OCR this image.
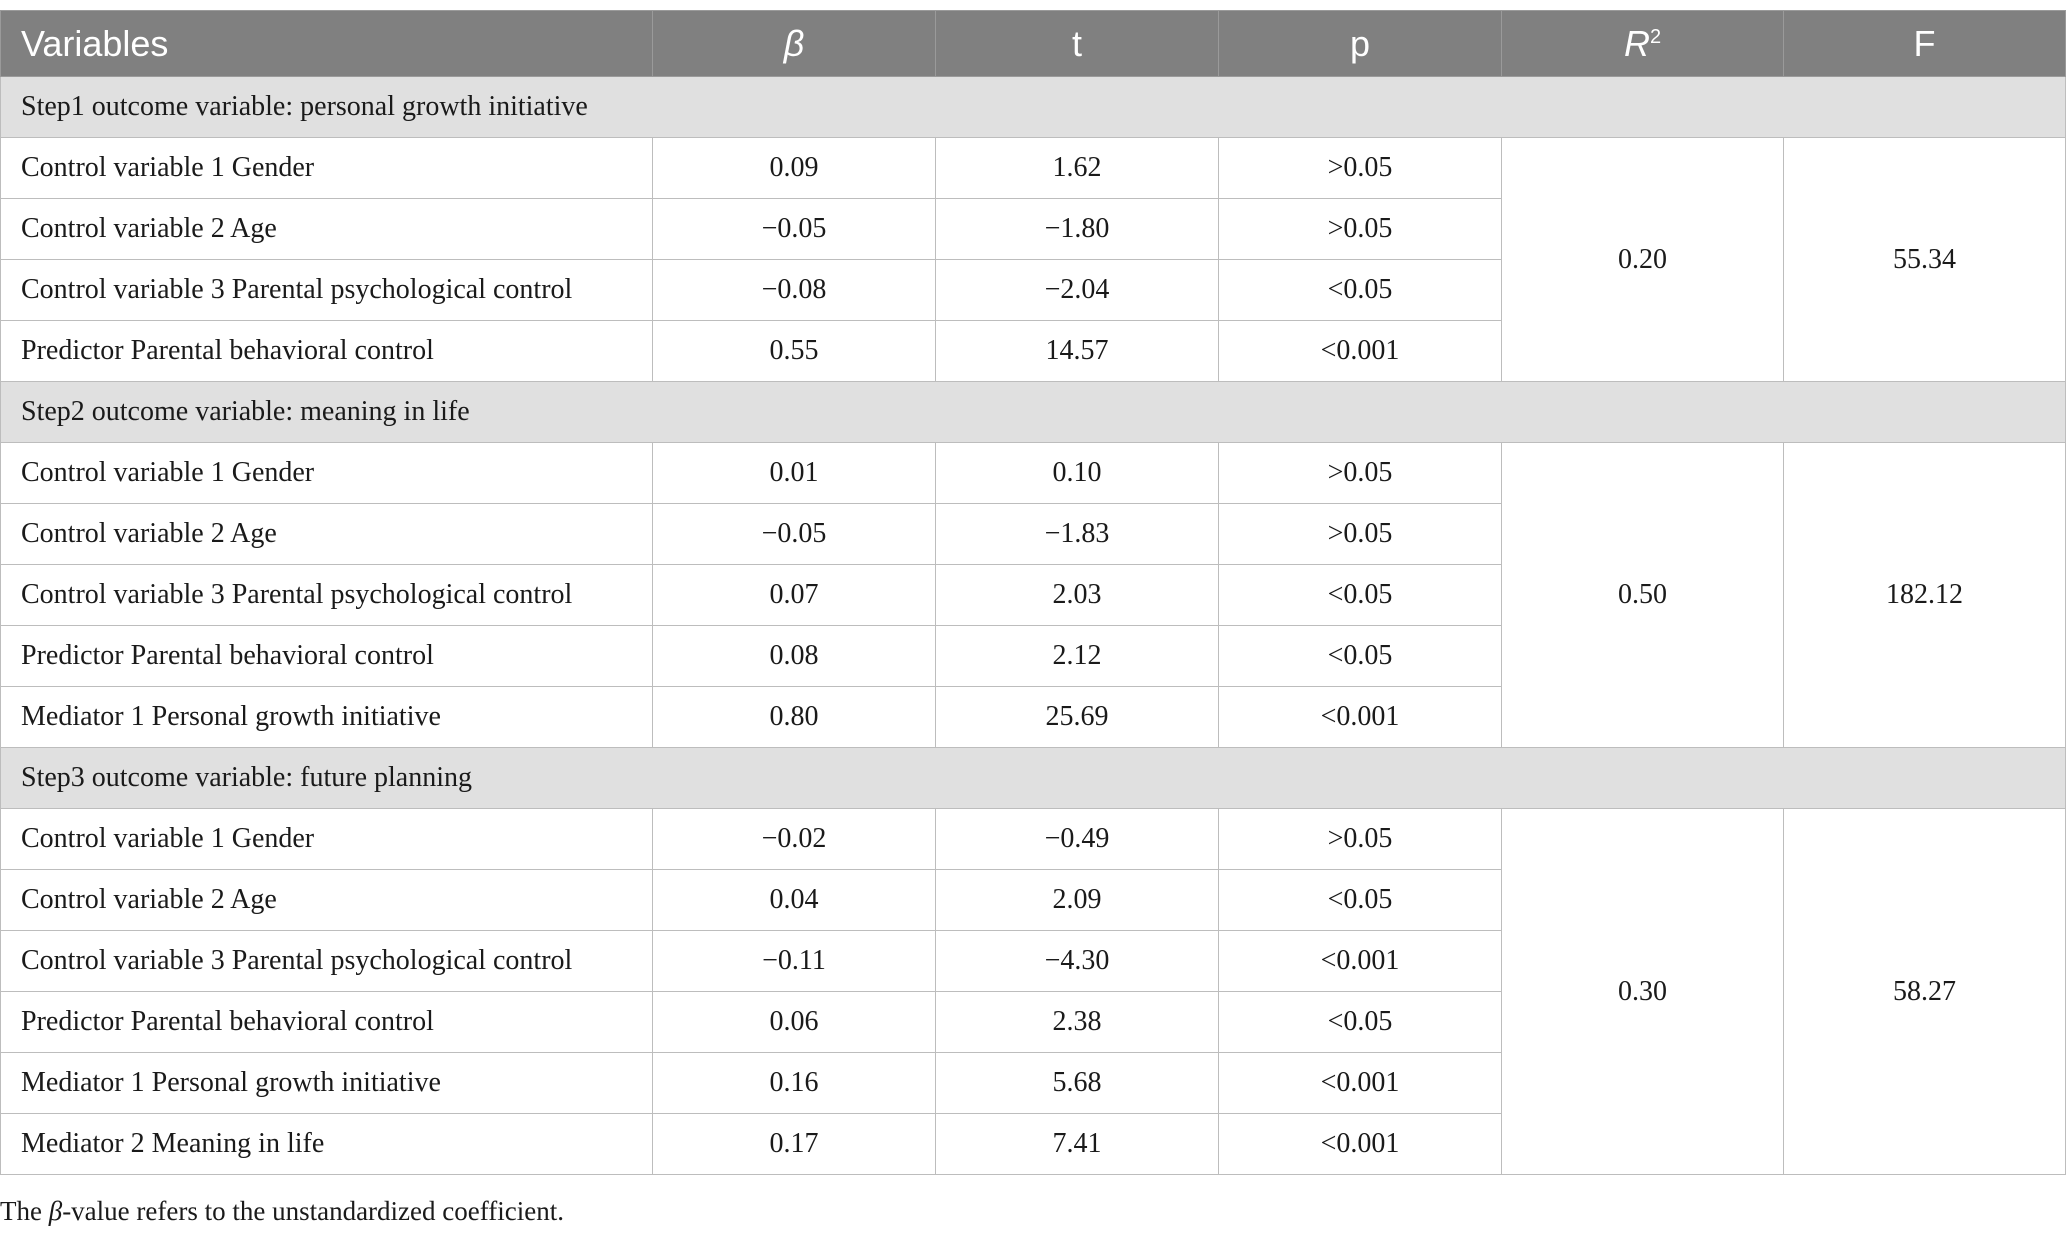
Variables	β	t	p	$R^2$	F
Step1 outcome variable: personal growth initiative					
Control variable 1 Gender	0.09	1.62	>0.05	0.20	55.34
Control variable 2 Age	−0.05	−1.80	>0.05		
Control variable 3 Parental psychological control	−0.08	−2.04	<0.05		
Predictor Parental behavioral control	0.55	14.57	<0.001		
Step2 outcome variable: meaning in life					
Control variable 1 Gender	0.01	0.10	>0.05	0.50	182.12
Control variable 2 Age	−0.05	−1.83	>0.05		
Control variable 3 Parental psychological control	0.07	2.03	<0.05		
Predictor Parental behavioral control	0.08	2.12	<0.05		
Mediator 1 Personal growth initiative	0.80	25.69	<0.001		
Step3 outcome variable: future planning					
Control variable 1 Gender	−0.02	−0.49	>0.05	0.30	58.27
Control variable 2 Age	0.04	2.09	<0.05		
Control variable 3 Parental psychological control	−0.11	−4.30	<0.001		
Predictor Parental behavioral control	0.06	2.38	<0.05		
Mediator 1 Personal growth initiative	0.16	5.68	<0.001		
Mediator 2 Meaning in life	0.17	7.41	<0.001		
The β-value refers to the unstandardized coefficient.
